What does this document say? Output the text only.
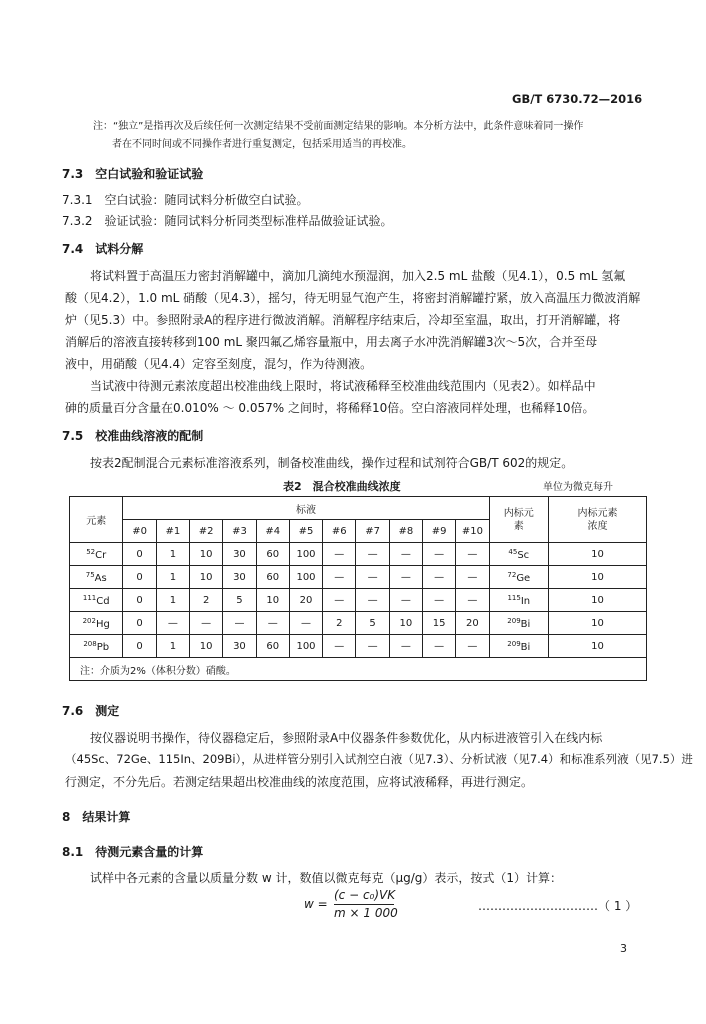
GB/T 6730.72—2016
注：“独立”是指再次及后续任何一次测定结果不受前面测定结果的影响。本分析方法中，此条件意味着同一操作
者在不同时间或不同操作者进行重复测定，包括采用适当的再校准。
7.3　空白试验和验证试验
7.3.1　空白试验：随同试料分析做空白试验。
7.3.2　验证试验：随同试料分析同类型标准样品做验证试验。
7.4　试料分解
将试料置于高温压力密封消解罐中，滴加几滴纯水预湿润，加入2.5 mL 盐酸（见4.1），0.5 mL 氢氟
酸（见4.2），1.0 mL 硝酸（见4.3），摇匀，待无明显气泡产生，将密封消解罐拧紧，放入高温压力微波消解
炉（见5.3）中。参照附录A的程序进行微波消解。消解程序结束后，冷却至室温，取出，打开消解罐，将
消解后的溶液直接转移到100 mL 聚四氟乙烯容量瓶中，用去离子水冲洗消解罐3次～5次，合并至母
液中，用硝酸（见4.4）定容至刻度，混匀，作为待测液。
当试液中待测元素浓度超出校准曲线上限时，将试液稀释至校准曲线范围内（见表2）。如样品中
砷的质量百分含量在0.010% ～ 0.057% 之间时，将稀释10倍。空白溶液同样处理，也稀释10倍。
7.5　校准曲线溶液的配制
按表2配制混合元素标准溶液系列，制备校准曲线，操作过程和试剂符合GB/T 602的规定。
表2　混合校准曲线浓度	单位为微克每升
元素	标液											内标元素	内标元素浓度

	#0	#1	#2	#3	#4	#5	#6	#7	#8	#9	#10		
$^{52}$Cr	0	1	10	30	60	100	—	—	—	—	—	$^{45}$Sc	10
$^{75}$As	0	1	10	30	60	100	—	—	—	—	—	$^{72}$Ge	10
$^{111}$Cd	0	1	2	5	10	20	—	—	—	—	—	$^{115}$In	10
$^{202}$Hg	0	—	—	—	—	—	2	5	10	15	20	$^{209}$Bi	10
$^{208}$Pb	0	1	10	30	60	100	—	—	—	—	—	$^{209}$Bi	10
注：介质为2%（体积分数）硝酸。													
7.6　测定
按仪器说明书操作，待仪器稳定后，参照附录A中仪器条件参数优化，从内标进液管引入在线内标
（45Sc、72Ge、115In、209Bi），从进样管分别引入试剂空白液（见7.3）、分析试液（见7.4）和标准系列液（见7.5）进
行测定，不分先后。若测定结果超出校准曲线的浓度范围，应将试液稀释，再进行测定。
8　结果计算
8.1　待测元素含量的计算
试样中各元素的含量以质量分数 w 计，数值以微克每克（μg/g）表示，按式（1）计算：
w =
(c − c₀)VK
m × 1 000	…………………………（ 1 ）
3
